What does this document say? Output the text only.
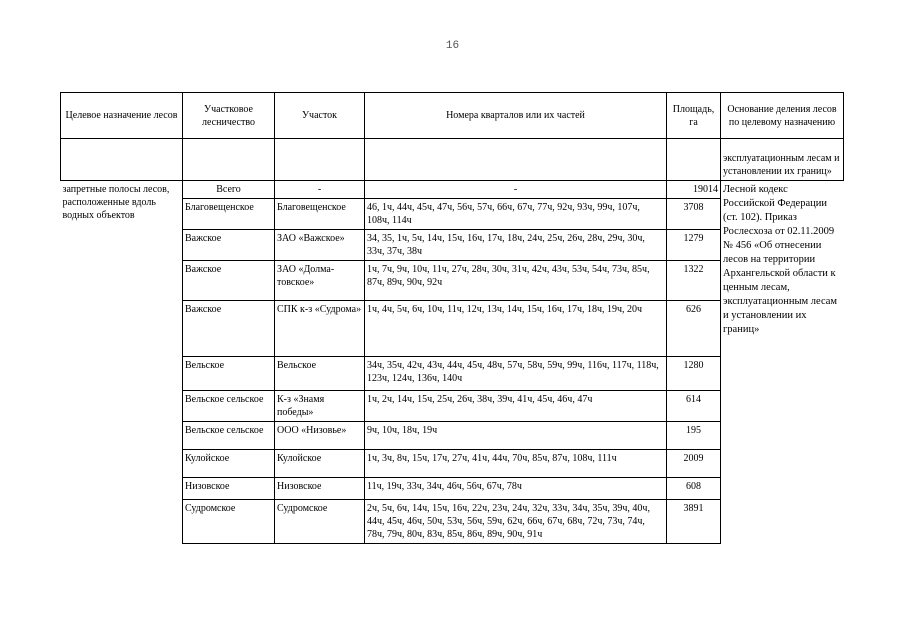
16
Целевое назначение лесов	Участковое лесничество	Участок	Номера кварталов или их частей	Площадь, га	Основание деления лесов по целевому назначению
					эксплуатационным лесам и установлении их границ»
запретные полосы лесов, расположенные вдоль водных объектов	Всего	-	-	19014	Лесной кодекс Российской Федерации (ст. 102). Приказ Рослесхоза от 02.11.2009 № 456 «Об отнесении лесов на территории Архангельской области к ценным лесам, эксплуатационным лесам и установлении их границ»
	Благовещенское	Благовещенское	46, 1ч, 44ч, 45ч, 47ч, 56ч, 57ч, 66ч, 67ч, 77ч, 92ч, 93ч, 99ч, 107ч, 108ч, 114ч	3708	
	Важское	ЗАО «Важское»	34, 35, 1ч, 5ч, 14ч, 15ч, 16ч, 17ч, 18ч, 24ч, 25ч, 26ч, 28ч, 29ч, 30ч, 33ч, 37ч, 38ч	1279	
	Важское	ЗАО «Долма-товское»	1ч, 7ч, 9ч, 10ч, 11ч, 27ч, 28ч, 30ч, 31ч, 42ч, 43ч, 53ч, 54ч, 73ч, 85ч, 87ч, 89ч, 90ч, 92ч	1322	
	Важское	СПК к-з «Судрома»	1ч, 4ч, 5ч, 6ч, 10ч, 11ч, 12ч, 13ч, 14ч, 15ч, 16ч, 17ч, 18ч, 19ч, 20ч	626	
	Вельское	Вельское	34ч, 35ч, 42ч, 43ч, 44ч, 45ч, 48ч, 57ч, 58ч, 59ч, 99ч, 116ч, 117ч, 118ч, 123ч, 124ч, 136ч, 140ч	1280	
	Вельское сельское	К-з «Знамя победы»	1ч, 2ч, 14ч, 15ч, 25ч, 26ч, 38ч, 39ч, 41ч, 45ч, 46ч, 47ч	614	
	Вельское сельское	ООО «Низовье»	9ч, 10ч, 18ч, 19ч	195	
	Кулойское	Кулойское	1ч, 3ч, 8ч, 15ч, 17ч, 27ч, 41ч, 44ч, 70ч, 85ч, 87ч, 108ч, 111ч	2009	
	Низовское	Низовское	11ч, 19ч, 33ч, 34ч, 46ч, 56ч, 67ч, 78ч	608	
	Судромское	Судромское	2ч, 5ч, 6ч, 14ч, 15ч, 16ч, 22ч, 23ч, 24ч, 32ч, 33ч, 34ч, 35ч, 39ч, 40ч, 44ч, 45ч, 46ч, 50ч, 53ч, 56ч, 59ч, 62ч, 66ч, 67ч, 68ч, 72ч, 73ч, 74ч, 78ч, 79ч, 80ч, 83ч, 85ч, 86ч, 89ч, 90ч, 91ч	3891	
